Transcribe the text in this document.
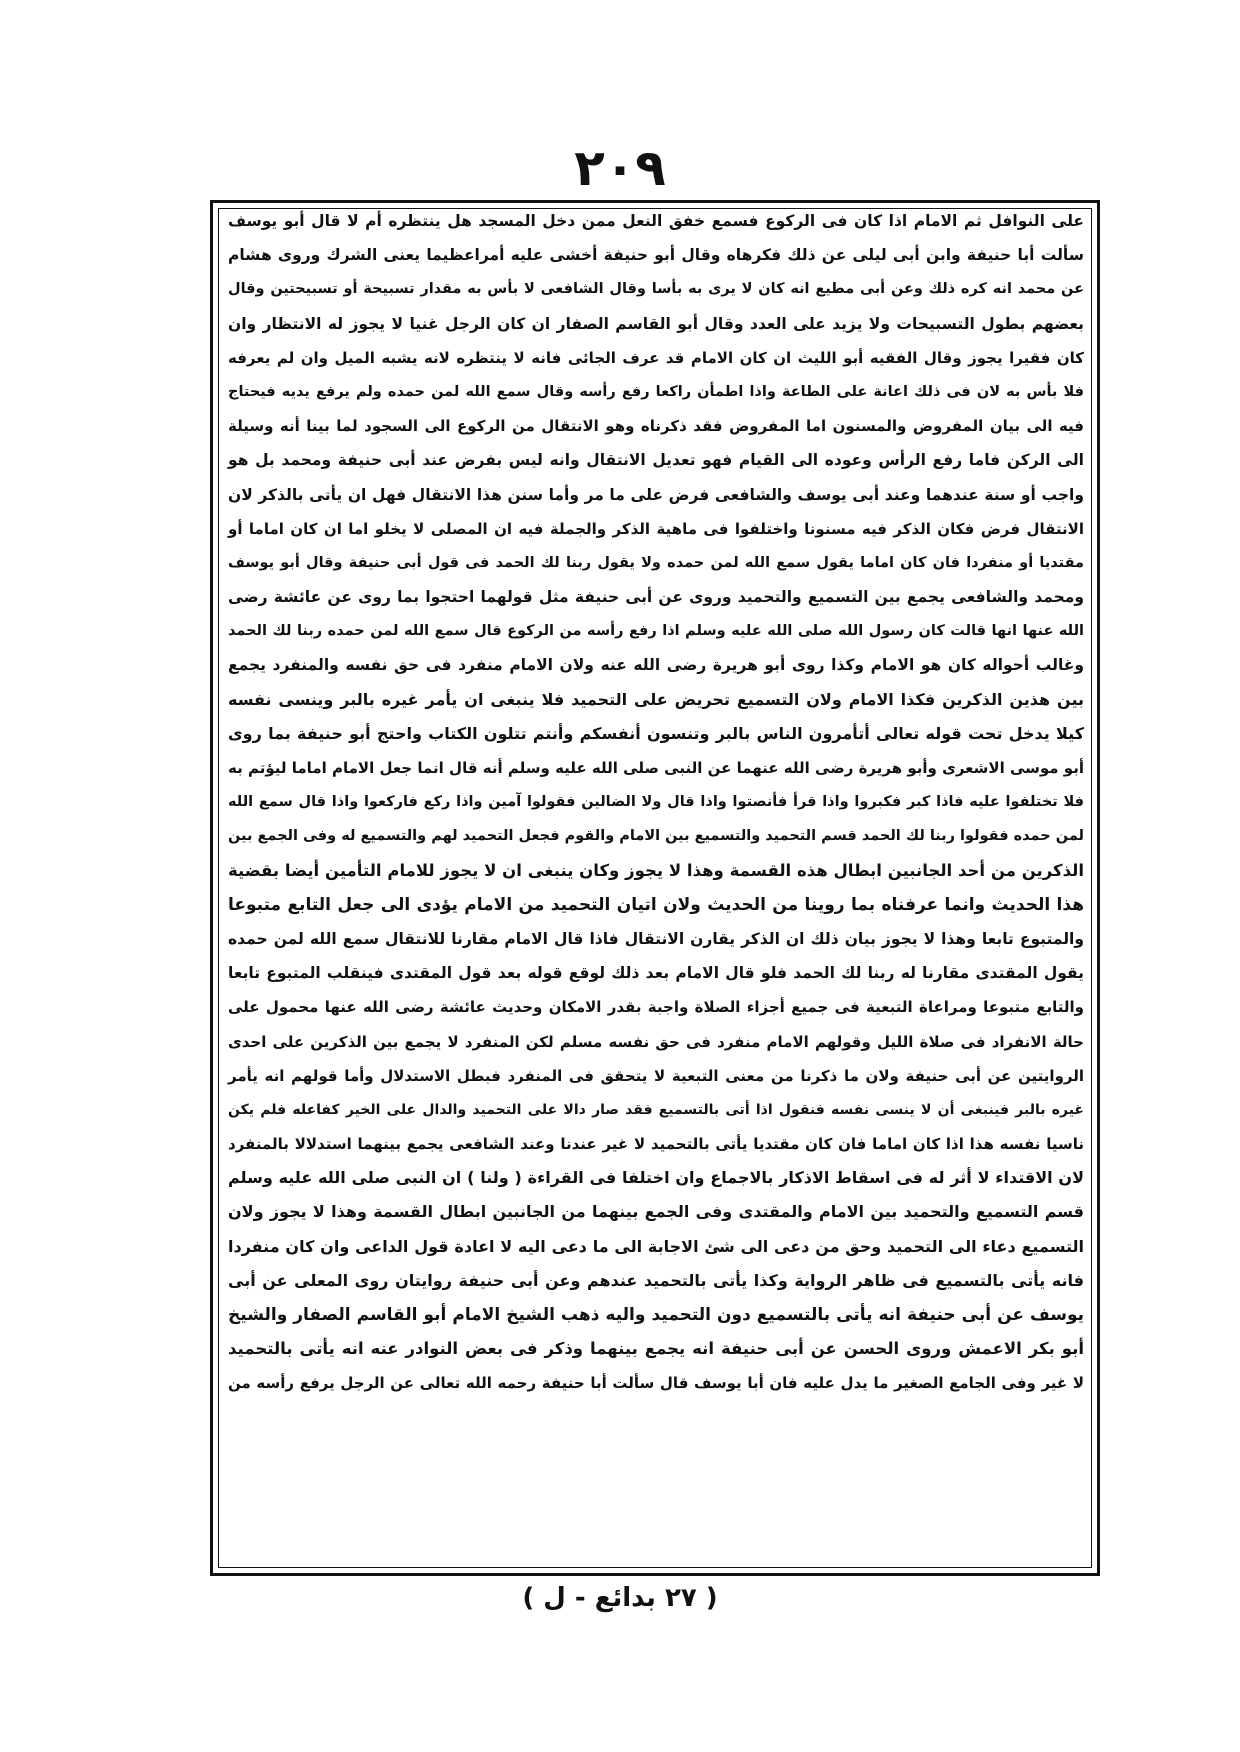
٢٠٩
على النوافل ثم الامام اذا كان فى الركوع فسمع خفق النعل ممن دخل المسجد هل ينتظره أم لا قال أبو يوسف
سألت أبا حنيفة وابن أبى ليلى عن ذلك فكرهاه وقال أبو حنيفة أخشى عليه أمراعظيما يعنى الشرك وروى هشام
عن محمد انه كره ذلك وعن أبى مطيع انه كان لا يرى به بأسا وقال الشافعى لا بأس به مقدار تسبيحة أو تسبيحتين وقال
بعضهم بطول التسبيحات ولا يزيد على العدد وقال أبو القاسم الصفار ان كان الرجل غنيا لا يجوز له الانتظار وان
كان فقيرا يجوز وقال الفقيه أبو الليث ان كان الامام قد عرف الجائى فانه لا ينتظره لانه يشبه الميل وان لم يعرفه
فلا بأس به لان فى ذلك اعانة على الطاعة واذا اطمأن راكعا رفع رأسه وقال سمع الله لمن حمده ولم يرفع يديه فيحتاج
فيه الى بيان المفروض والمسنون اما المفروض فقد ذكرناه وهو الانتقال من الركوع الى السجود لما بينا أنه وسيلة
الى الركن فاما رفع الرأس وعوده الى القيام فهو تعديل الانتقال وانه ليس بفرض عند أبى حنيفة ومحمد بل هو
واجب أو سنة عندهما وعند أبى يوسف والشافعى فرض على ما مر وأما سنن هذا الانتقال فهل ان يأتى بالذكر لان
الانتقال فرض فكان الذكر فيه مسنونا واختلفوا فى ماهية الذكر والجملة فيه ان المصلى لا يخلو اما ان كان اماما أو
مقتديا أو منفردا فان كان اماما يقول سمع الله لمن حمده ولا يقول ربنا لك الحمد فى قول أبى حنيفة وقال أبو يوسف
ومحمد والشافعى يجمع بين التسميع والتحميد وروى عن أبى حنيفة مثل قولهما احتجوا بما روى عن عائشة رضى
الله عنها انها قالت كان رسول الله صلى الله عليه وسلم اذا رفع رأسه من الركوع قال سمع الله لمن حمده ربنا لك الحمد
وغالب أحواله كان هو الامام وكذا روى أبو هريرة رضى الله عنه ولان الامام منفرد فى حق نفسه والمنفرد يجمع
بين هذين الذكرين فكذا الامام ولان التسميع تحريض على التحميد فلا ينبغى ان يأمر غيره بالبر وينسى نفسه
كيلا يدخل تحت قوله تعالى أتأمرون الناس بالبر وتنسون أنفسكم وأنتم تتلون الكتاب واحتج أبو حنيفة بما روى
أبو موسى الاشعرى وأبو هريرة رضى الله عنهما عن النبى صلى الله عليه وسلم أنه قال انما جعل الامام اماما ليؤتم به
فلا تختلفوا عليه فاذا كبر فكبروا واذا قرأ فأنصتوا واذا قال ولا الضالين فقولوا آمين واذا ركع فاركعوا واذا قال سمع الله
لمن حمده فقولوا ربنا لك الحمد قسم التحميد والتسميع بين الامام والقوم فجعل التحميد لهم والتسميع له وفى الجمع بين
الذكرين من أحد الجانبين ابطال هذه القسمة وهذا لا يجوز وكان ينبغى ان لا يجوز للامام التأمين أيضا بقضية
هذا الحديث وانما عرفناه بما روينا من الحديث ولان اتيان التحميد من الامام يؤدى الى جعل التابع متبوعا
والمتبوع تابعا وهذا لا يجوز بيان ذلك ان الذكر يقارن الانتقال فاذا قال الامام مقارنا للانتقال سمع الله لمن حمده
يقول المقتدى مقارنا له ربنا لك الحمد فلو قال الامام بعد ذلك لوقع قوله بعد قول المقتدى فينقلب المتبوع تابعا
والتابع متبوعا ومراعاة التبعية فى جميع أجزاء الصلاة واجبة بقدر الامكان وحديث عائشة رضى الله عنها محمول على
حالة الانفراد فى صلاة الليل وقولهم الامام منفرد فى حق نفسه مسلم لكن المنفرد لا يجمع بين الذكرين على احدى
الروايتين عن أبى حنيفة ولان ما ذكرنا من معنى التبعية لا يتحقق فى المنفرد فبطل الاستدلال وأما قولهم انه يأمر
غيره بالبر فينبغى أن لا ينسى نفسه فنقول اذا أتى بالتسميع فقد صار دالا على التحميد والدال على الخير كفاعله فلم يكن
ناسيا نفسه هذا اذا كان اماما فان كان مقتديا يأتى بالتحميد لا غير عندنا وعند الشافعى يجمع بينهما استدلالا بالمنفرد
لان الاقتداء لا أثر له فى اسقاط الاذكار بالاجماع وان اختلفا فى القراءة ( ولنا ) ان النبى صلى الله عليه وسلم
قسم التسميع والتحميد بين الامام والمقتدى وفى الجمع بينهما من الجانبين ابطال القسمة وهذا لا يجوز ولان
التسميع دعاء الى التحميد وحق من دعى الى شئ الاجابة الى ما دعى اليه لا اعادة قول الداعى وان كان منفردا
فانه يأتى بالتسميع فى ظاهر الرواية وكذا يأتى بالتحميد عندهم وعن أبى حنيفة روايتان روى المعلى عن أبى
يوسف عن أبى حنيفة انه يأتى بالتسميع دون التحميد واليه ذهب الشيخ الامام أبو القاسم الصفار والشيخ
أبو بكر الاعمش وروى الحسن عن أبى حنيفة انه يجمع بينهما وذكر فى بعض النوادر عنه انه يأتى بالتحميد
لا غير وفى الجامع الصغير ما يدل عليه فان أبا يوسف قال سألت أبا حنيفة رحمه الله تعالى عن الرجل يرفع رأسه من
( ٢٧ بدائع - ل )
